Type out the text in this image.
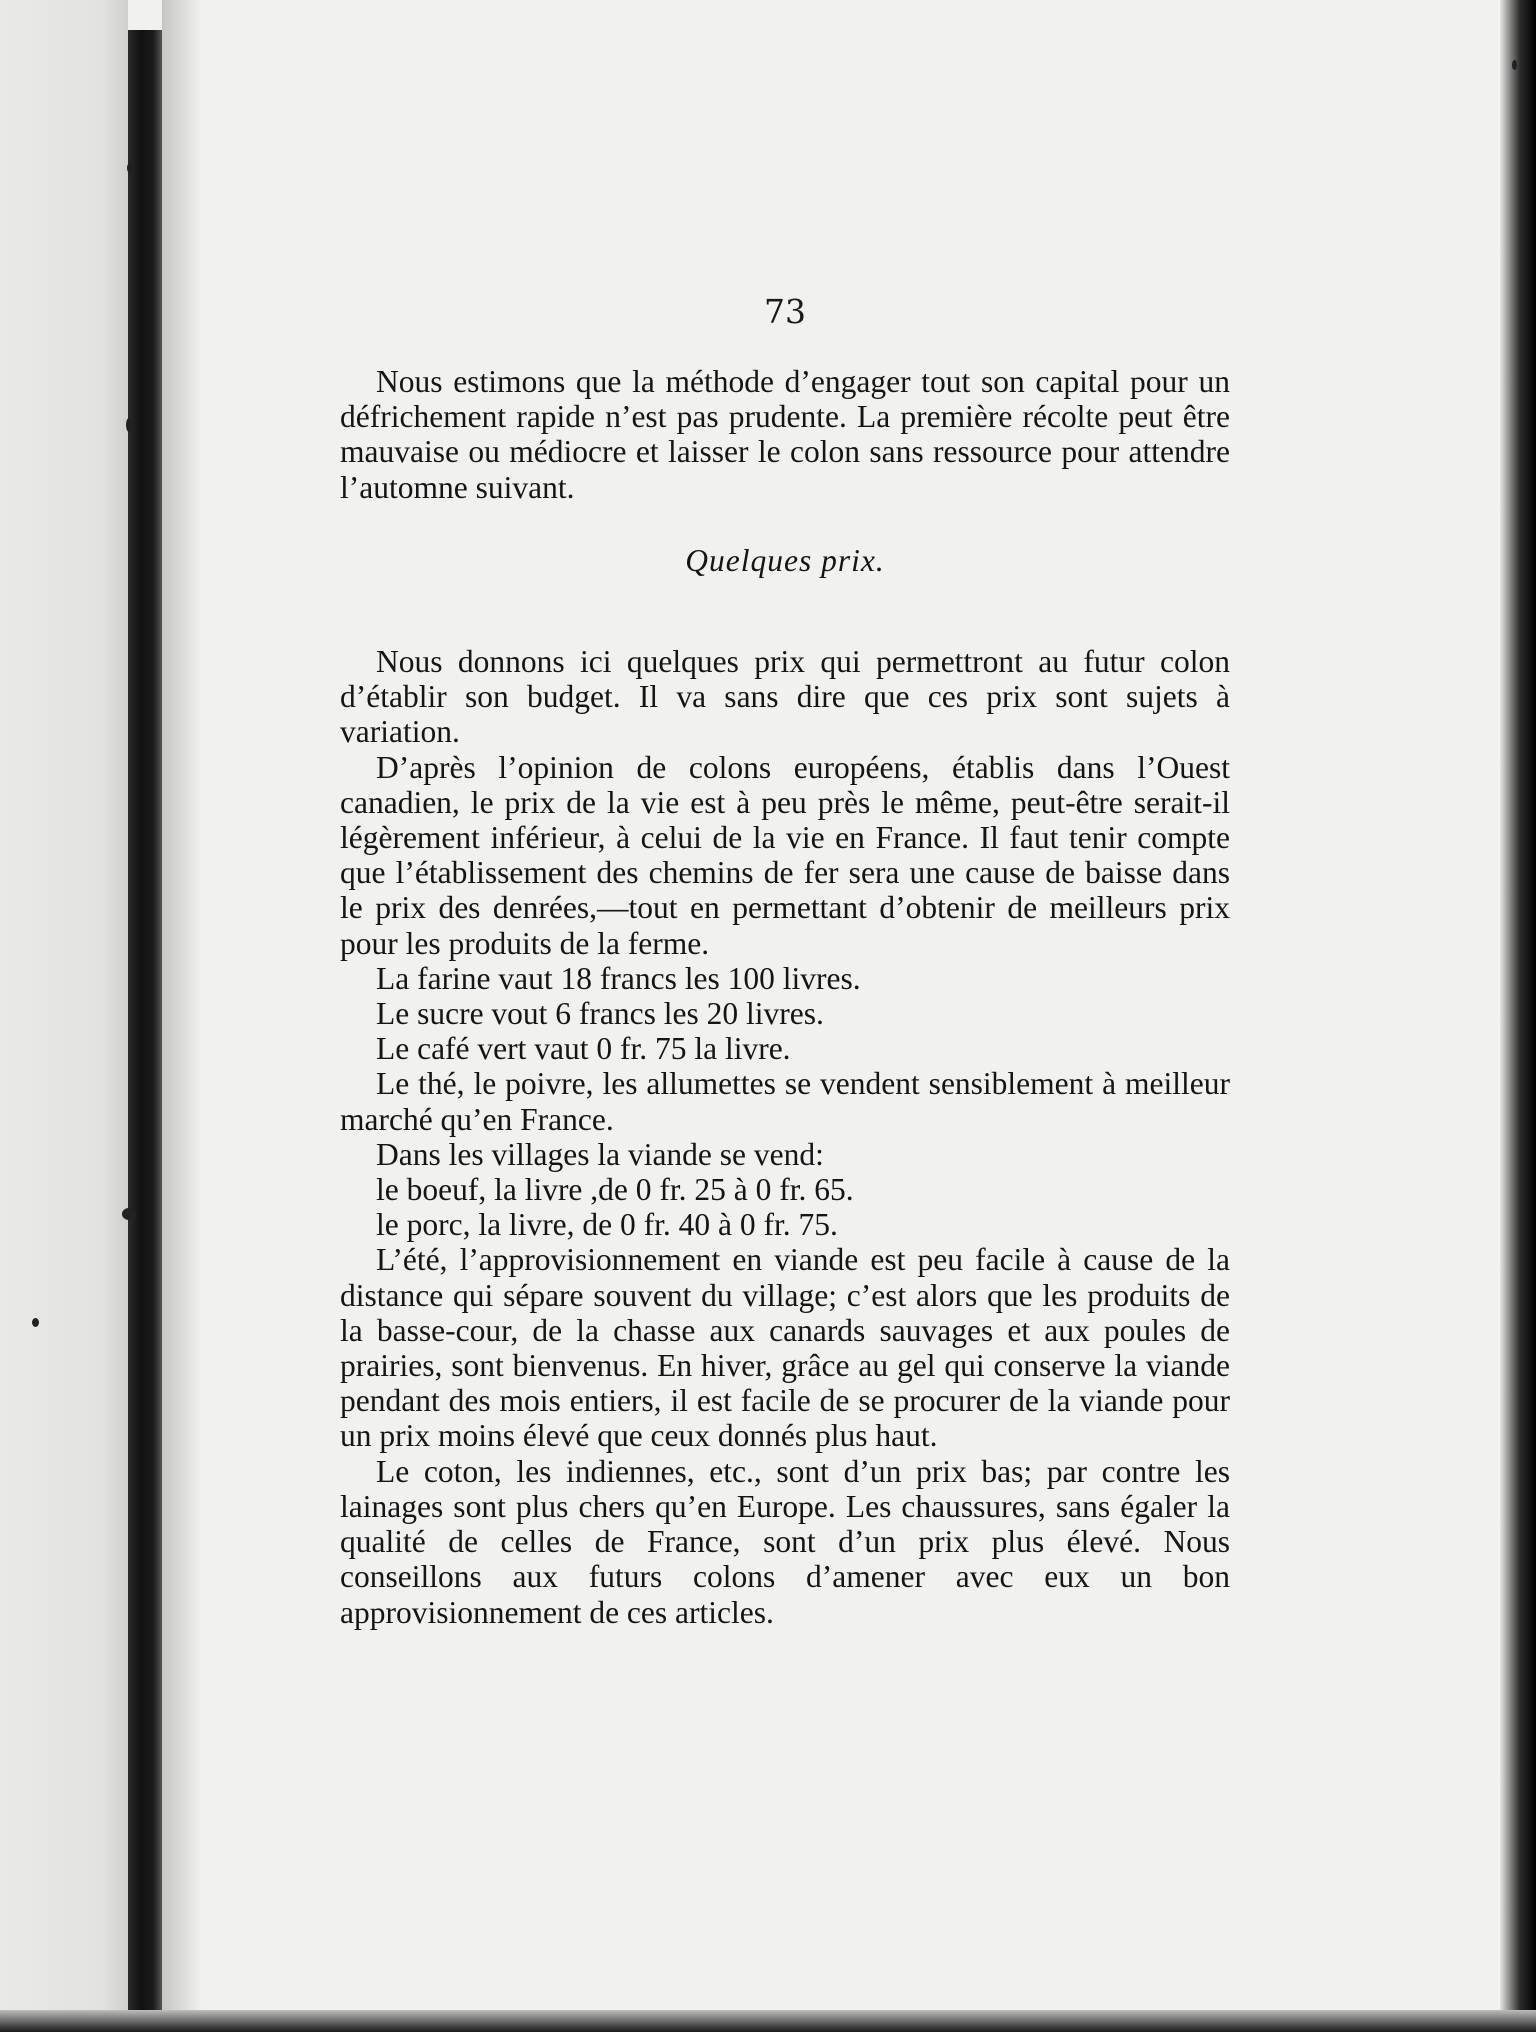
73

Nous estimons que la méthode d’engager tout son capital pour un défrichement rapide n’est pas prudente. La première récolte peut être mauvaise ou médiocre et laisser le colon sans ressource pour attendre l’automne suivant.

Quelques prix.

Nous donnons ici quelques prix qui permettront au futur colon d’établir son budget. Il va sans dire que ces prix sont sujets à variation.

D’après l’opinion de colons européens, établis dans l’Ouest canadien, le prix de la vie est à peu près le même, peut-être serait-il légèrement inférieur, à celui de la vie en France. Il faut tenir compte que l’établissement des chemins de fer sera une cause de baisse dans le prix des denrées,—tout en permettant d’obtenir de meilleurs prix pour les produits de la ferme.

La farine vaut 18 francs les 100 livres.

Le sucre vout 6 francs les 20 livres.

Le café vert vaut 0 fr. 75 la livre.

Le thé, le poivre, les allumettes se vendent sensiblement à meilleur marché qu’en France.

Dans les villages la viande se vend:

le boeuf, la livre ,de 0 fr. 25 à 0 fr. 65.

le porc, la livre, de 0 fr. 40 à 0 fr. 75.

L’été, l’approvisionnement en viande est peu facile à cause de la distance qui sépare souvent du village; c’est alors que les produits de la basse-cour, de la chasse aux canards sauvages et aux poules de prairies, sont bienvenus. En hiver, grâce au gel qui conserve la viande pendant des mois entiers, il est facile de se procurer de la viande pour un prix moins élevé que ceux donnés plus haut.

Le coton, les indiennes, etc., sont d’un prix bas; par contre les lainages sont plus chers qu’en Europe. Les chaussures, sans égaler la qualité de celles de France, sont d’un prix plus élevé. Nous conseillons aux futurs colons d’amener avec eux un bon approvisionnement de ces articles.
